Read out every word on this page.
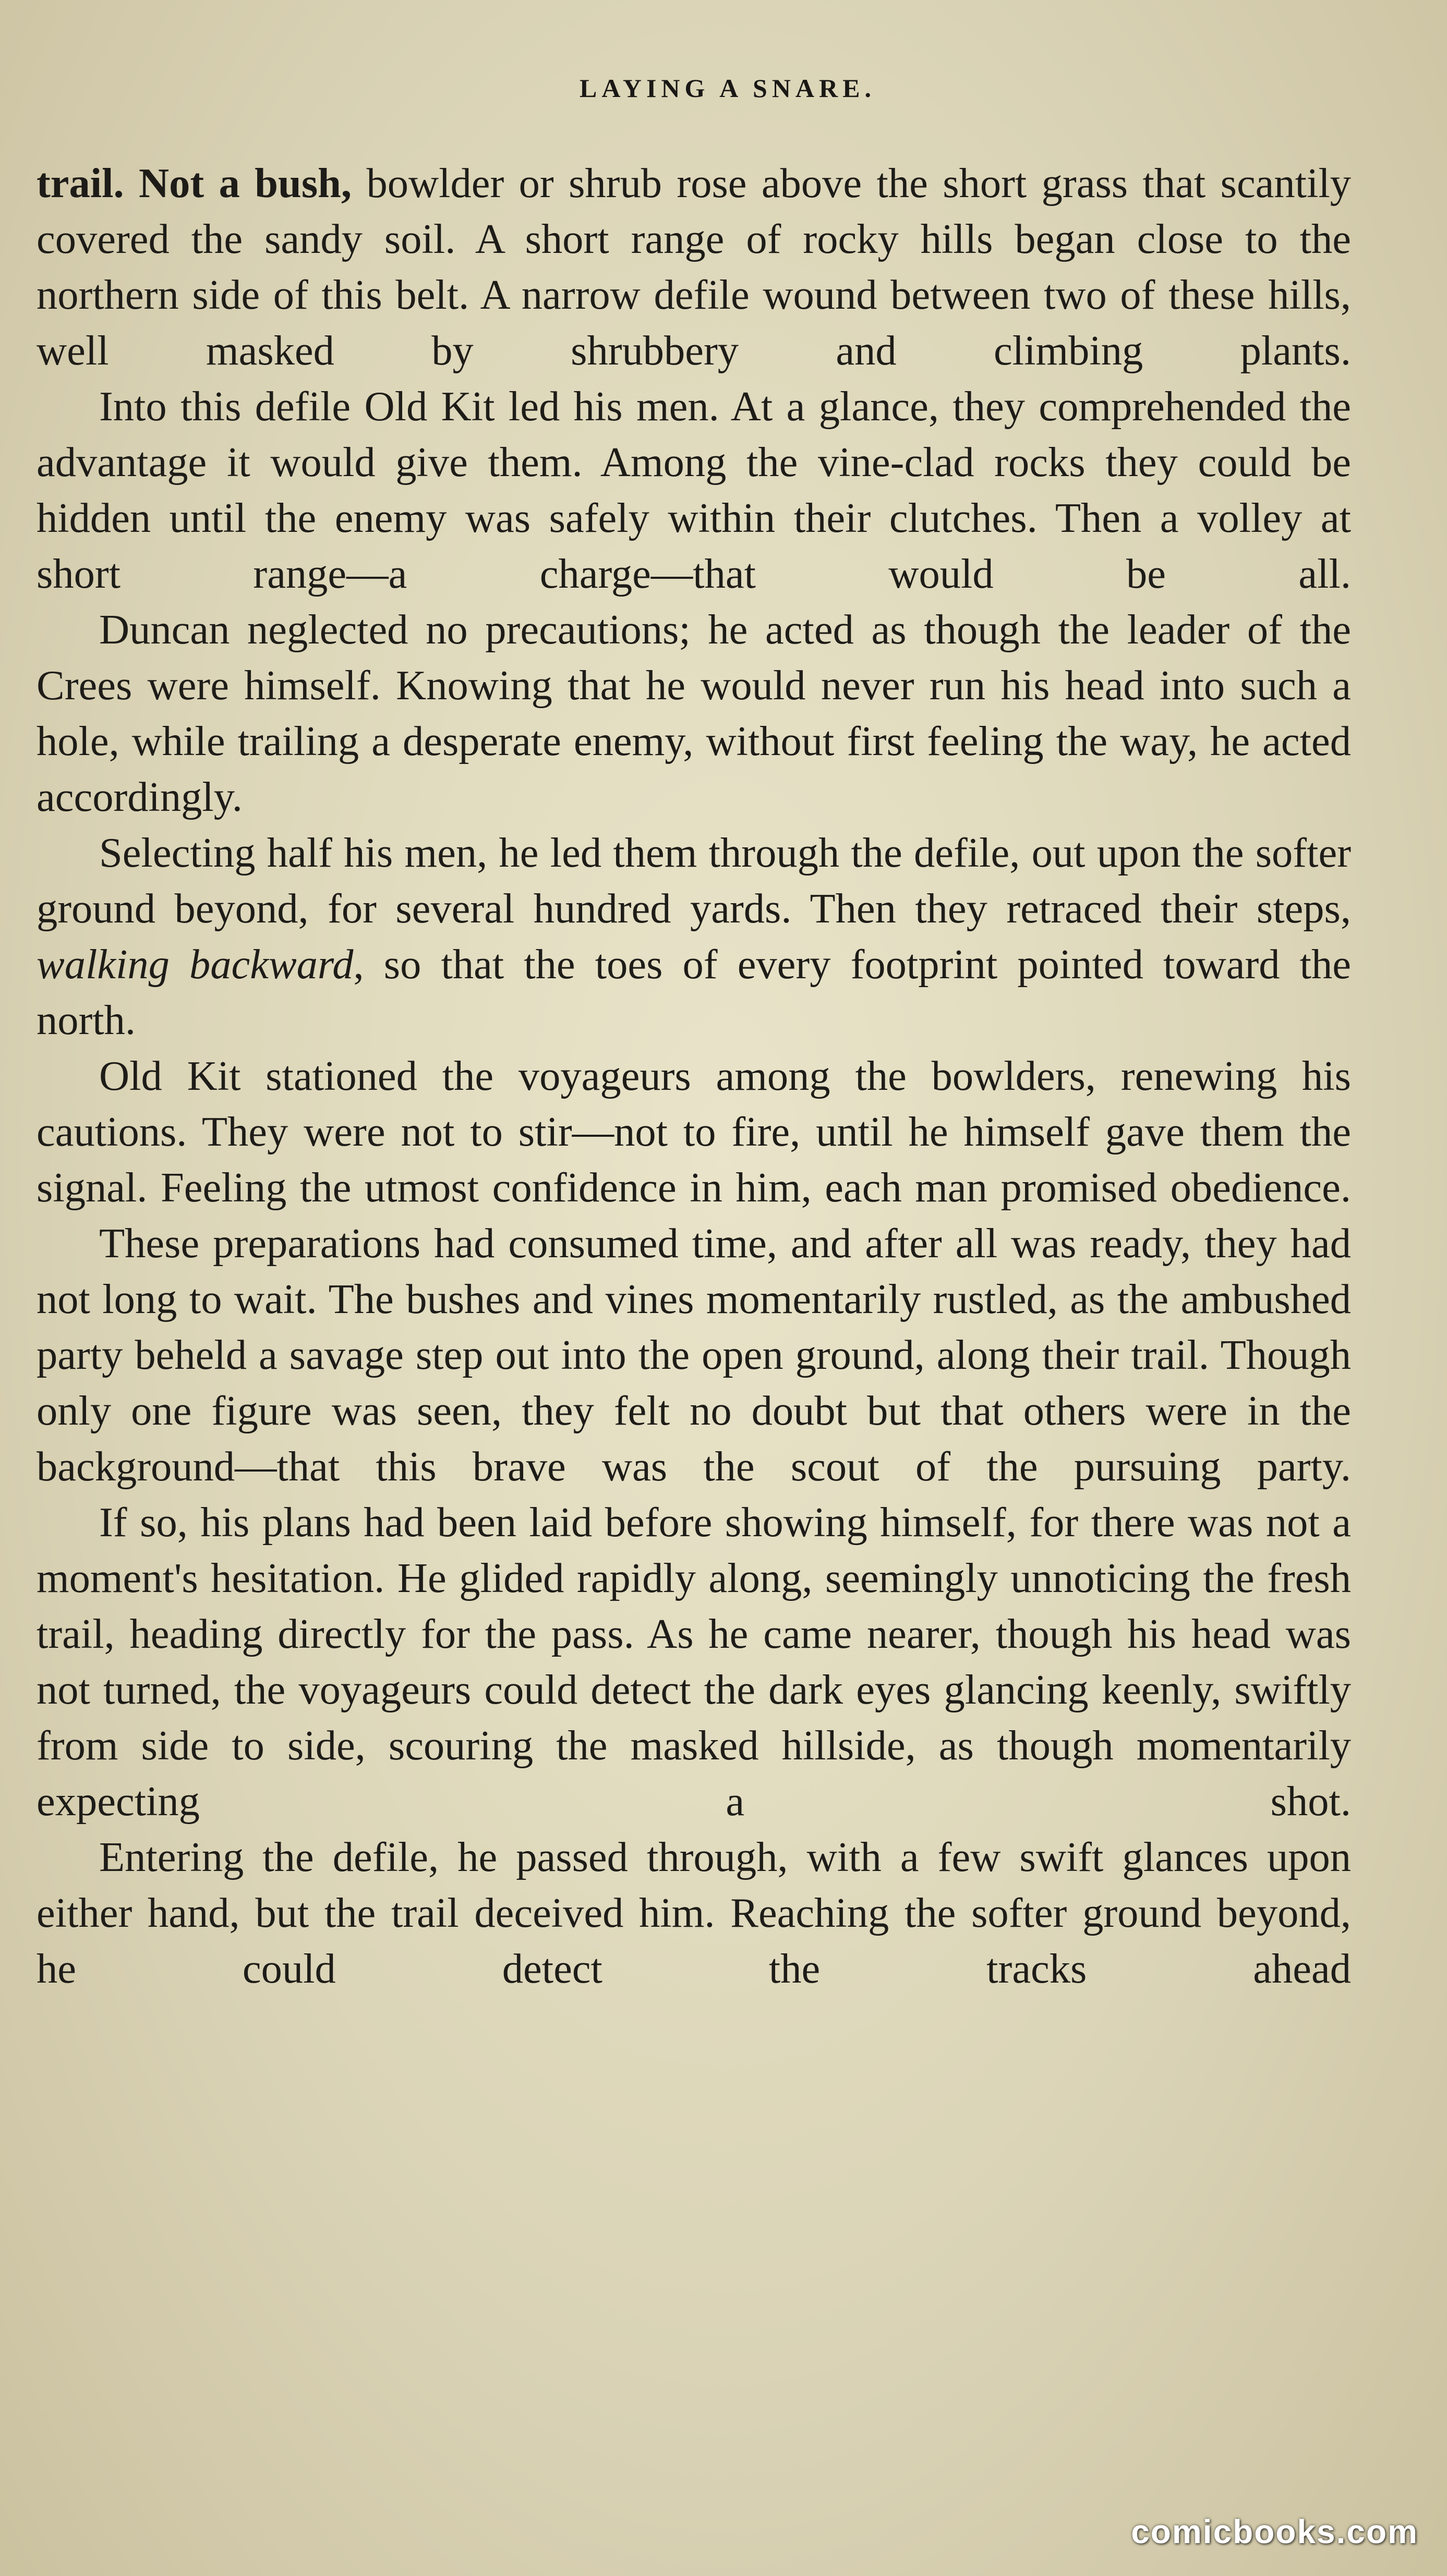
LAYING A SNARE.

trail. Not a bush, bowlder or shrub rose above the short grass that scantily covered the sandy soil. A short range of rocky hills began close to the northern side of this belt. A narrow defile wound between two of these hills, well masked by shrubbery and climbing plants.

Into this defile Old Kit led his men. At a glance, they comprehended the advantage it would give them. Among the vine-clad rocks they could be hidden until the enemy was safely within their clutches. Then a volley at short range—a charge—that would be all.

Duncan neglected no precautions; he acted as though the leader of the Crees were himself. Knowing that he would never run his head into such a hole, while trailing a desperate enemy, without first feeling the way, he acted accordingly.

Selecting half his men, he led them through the defile, out upon the softer ground beyond, for several hundred yards. Then they retraced their steps, walking backward, so that the toes of every footprint pointed toward the north.

Old Kit stationed the voyageurs among the bowlders, renewing his cautions. They were not to stir—not to fire, until he himself gave them the signal. Feeling the utmost confidence in him, each man promised obedience.

These preparations had consumed time, and after all was ready, they had not long to wait. The bushes and vines momentarily rustled, as the ambushed party beheld a savage step out into the open ground, along their trail. Though only one figure was seen, they felt no doubt but that others were in the background—that this brave was the scout of the pursuing party.

If so, his plans had been laid before showing himself, for there was not a moment's hesitation. He glided rapidly along, seemingly unnoticing the fresh trail, heading directly for the pass. As he came nearer, though his head was not turned, the voyageurs could detect the dark eyes glancing keenly, swiftly from side to side, scouring the masked hillside, as though momentarily expecting a shot.

Entering the defile, he passed through, with a few swift glances upon either hand, but the trail deceived him. Reaching the softer ground beyond, he could detect the tracks ahead

comicbooks.com
